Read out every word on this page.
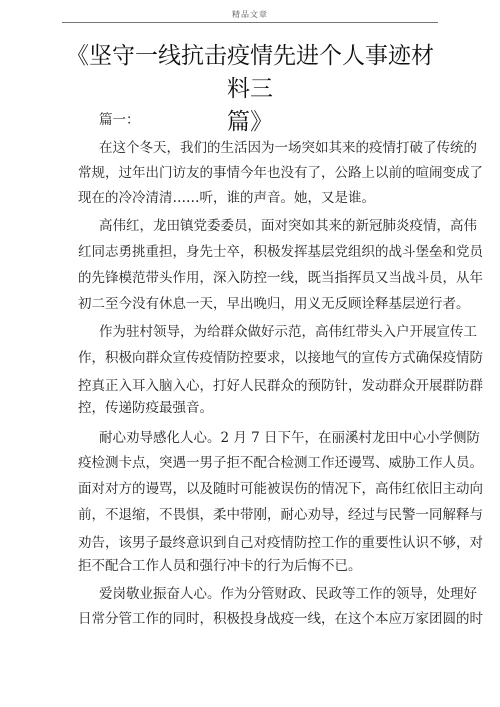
精品文章
《坚守一线抗击疫情先进个人事迹材料三
篇》
篇一：
在这个冬天，我们的生活因为一场突如其来的疫情打破了传统的
常规，过年出门访友的事情今年也没有了，公路上以前的喧闹变成了
现在的冷冷清清……听，谁的声音。她，又是谁。
高伟红，龙田镇党委委员，面对突如其来的新冠肺炎疫情，高伟
红同志勇挑重担，身先士卒，积极发挥基层党组织的战斗堡垒和党员
的先锋模范带头作用，深入防控一线，既当指挥员又当战斗员，从年
初二至今没有休息一天，早出晚归，用义无反顾诠释基层逆行者。
作为驻村领导，为给群众做好示范，高伟红带头入户开展宣传工
作，积极向群众宣传疫情防控要求，以接地气的宣传方式确保疫情防
控真正入耳入脑入心，打好人民群众的预防针，发动群众开展群防群
控，传递防疫最强音。
耐心劝导感化人心。2 月 7 日下午，在丽溪村龙田中心小学侧防
疫检测卡点，突遇一男子拒不配合检测工作还谩骂、威胁工作人员。
面对对方的谩骂，以及随时可能被误伤的情况下，高伟红依旧主动向
前，不退缩，不畏惧，柔中带刚，耐心劝导，经过与民警一同解释与
劝告，该男子最终意识到自己对疫情防控工作的重要性认识不够，对
拒不配合工作人员和强行冲卡的行为后悔不已。
爱岗敬业振奋人心。作为分管财政、民政等工作的领导，处理好
日常分管工作的同时，积极投身战疫一线，在这个本应万家团圆的时
